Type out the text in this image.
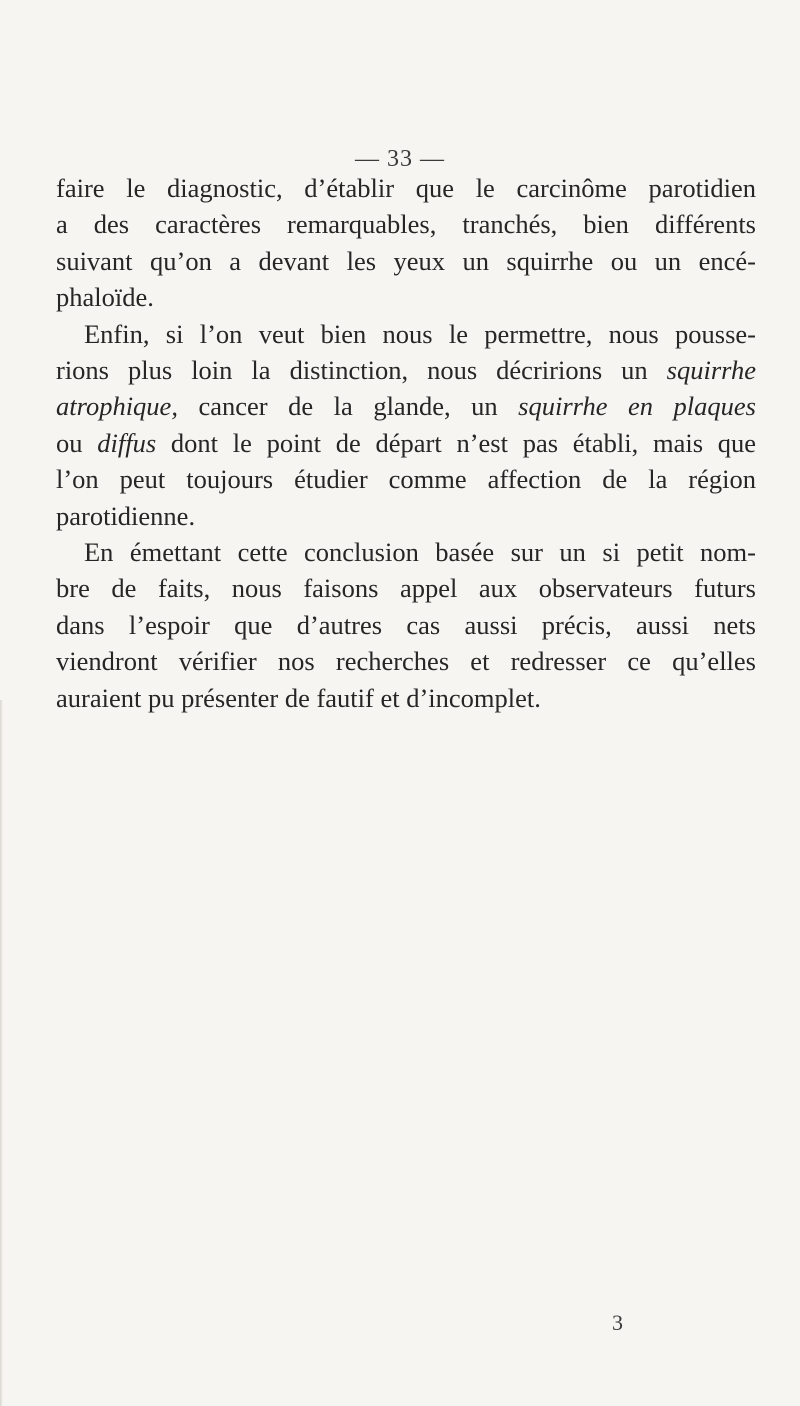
— 33 —

faire le diagnostic, d’établir que le carcinôme parotidien
a des caractères remarquables, tranchés, bien différents
suivant qu’on a devant les yeux un squirrhe ou un encé-
phaloïde.

Enfin, si l’on veut bien nous le permettre, nous pousse-
rions plus loin la distinction, nous décririons un squirrhe
atrophique, cancer de la glande, un squirrhe en plaques
ou diffus dont le point de départ n’est pas établi, mais que
l’on peut toujours étudier comme affection de la région
parotidienne.

En émettant cette conclusion basée sur un si petit nom-
bre de faits, nous faisons appel aux observateurs futurs
dans l’espoir que d’autres cas aussi précis, aussi nets
viendront vérifier nos recherches et redresser ce qu’elles
auraient pu présenter de fautif et d’incomplet.

3
